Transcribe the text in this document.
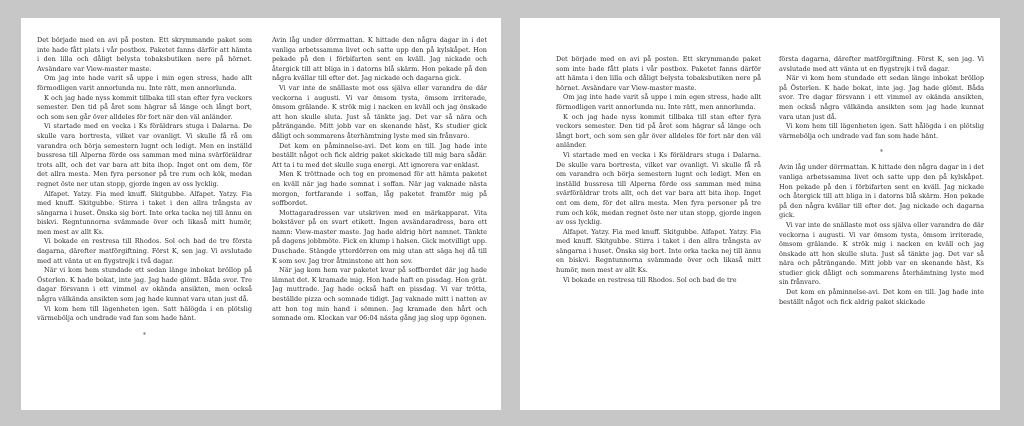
Det började med en avi på posten. Ett skrymmande paket som inte hade fått plats i vår postbox. Paketet fanns därför att hämta i den lilla och dåligt belysta tobaksbutiken nere på hörnet. Avsändare var View-master maste.

Om jag inte hade varit så uppe i min egen stress, hade allt förmodligen varit annorlunda nu. Inte rätt, men annorlunda.

K och jag hade nyss kommit tillbaka till stan efter fyra veckors semester. Den tid på året som hägrar så länge och långt bort, och som sen går över alldeles för fort när den väl anländer.

Vi startade med en vecka i Ks föräldrars stuga i Dalarna. De skulle vara bortresta, vilket var ovanligt. Vi skulle få rå om varandra och börja semestern lugnt och ledigt. Men en inställd bussresa till Alperna förde oss samman med mina svärföräldrar trots allt, och det var bara att bita ihop. Inget ont om dem, för det allra mesta. Men fyra personer på tre rum och kök, medan regnet öste ner utan stopp, gjorde ingen av oss lycklig.

Alfapet. Yatzy. Fia med knuff. Skitgubbe. Alfapet. Yatzy. Fia med knuff. Skitgubbe. Stirra i taket i den allra trångsta av sängarna i huset. Önska sig bort. Inte orka tacka nej till ännu en biskvi. Regntunnorna svämmade över och likaså mitt humör, men mest av allt Ks.

Vi bokade en restresa till Rhodos. Sol och bad de tre första dagarna, därefter matförgiftning. Först K, sen jag. Vi avslutade med att vänta ut en flygstrejk i två dagar.

När vi kom hem stundade ett sedan länge inbokat bröllop på Österlen. K hade bokat, inte jag. Jag hade glömt. Båda svor. Tre dagar försvann i ett vimmel av okända ansikten, men också några välkända ansikten som jag hade kunnat vara utan just då.

Vi kom hem till lägenheten igen. Satt hälögda i en plötslig värmebölja och undrade vad fan som hade hänt.

*

Avin låg under dörrmattan. K hittade den några dagar in i det vanliga arbetssamma livet och satte upp den på kylskåpet. Hon pekade på den i förbifarten sent en kväll. Jag nickade och återgick till att bliga in i datorns blå skärm. Hon pekade på den några kvällar till efter det. Jag nickade och dagarna gick.

Vi var inte de snällaste mot oss själva eller varandra de där veckorna i augusti. Vi var ömsom tysta, ömsom irriterade, ömsom grälande. K strök mig i nacken en kväll och jag önskade att hon skulle sluta. Just så tänkte jag. Det var så nära och påträngande. Mitt jobb var en skenande häst, Ks studier gick dåligt och sommarens återhämtning lyste med sin frånvaro.

Det kom en påminnelse-avi. Det kom en till. Jag hade inte beställt något och fick aldrig paket skickade till mig bara sådär. Att ta i tu med det skulle suga energi. Att ignorera var enklast.

Men K tröttnade och tog en promenad för att hämta paketet en kväll när jag hade somnat i soffan. När jag vaknade nästa morgon, fortfarande i soffan, låg paketet framför mig på soffbordet.

Mottagaradressen var utskriven med en märkapparat. Vita bokstäver på en svart etikett. Ingen avsändaradress, bara ett namn: View-master maste. Jag hade aldrig hört namnet. Tänkte på dagens jobbmöte. Fick en klump i halsen. Gick motvilligt upp. Duschade. Stängde ytterdörren om mig utan att säga hej då till K som sov. Jag tror åtminstone att hon sov.

När jag kom hem var paketet kvar på soffbordet där jag hade lämnat det. K kramade mig. Hon hade haft en pissdag. Hon grät. Jag muttrade. Jag hade också haft en pissdag. Vi var trötta, beställde pizza och somnade tidigt. Jag vaknade mitt i natten av att hon tog min hand i sömnen. Jag kramade den hårt och somnade om. Klockan var 06:04 nästa gång jag slog upp ögonen.

Det började med en avi på posten. Ett skrymmande paket som inte hade fått plats i vår postbox. Paketet fanns därför att hämta i den lilla och dåligt belysta tobaksbutiken nere på hörnet. Avsändare var View-master maste.

Om jag inte hade varit så uppe i min egen stress, hade allt förmodligen varit annorlunda nu. Inte rätt, men annorlunda.

K och jag hade nyss kommit tillbaka till stan efter fyra veckors semester. Den tid på året som hägrar så länge och långt bort, och som sen går över alldeles för fort när den väl anländer.

Vi startade med en vecka i Ks föräldrars stuga i Dalarna. De skulle vara bortresta, vilket var ovanligt. Vi skulle få rå om varandra och börja semestern lugnt och ledigt. Men en inställd bussresa till Alperna förde oss samman med mina svärföräldrar trots allt, och det var bara att bita ihop. Inget ont om dem, för det allra mesta. Men fyra personer på tre rum och kök, medan regnet öste ner utan stopp, gjorde ingen av oss lycklig.

Alfapet. Yatzy. Fia med knuff. Skitgubbe. Alfapet. Yatzy. Fia med knuff. Skitgubbe. Stirra i taket i den allra trångsta av sängarna i huset. Önska sig bort. Inte orka tacka nej till ännu en biskvi. Regntunnorna svämmade över och likaså mitt humör, men mest av allt Ks.

Vi bokade en restresa till Rhodos. Sol och bad de tre

första dagarna, därefter matförgiftning. Först K, sen jag. Vi avslutade med att vänta ut en flygstrejk i två dagar.

När vi kom hem stundade ett sedan länge inbokat bröllop på Österlen. K hade bokat, inte jag. Jag hade glömt. Båda svor. Tre dagar försvann i ett vimmel av okända ansikten, men också några välkända ansikten som jag hade kunnat vara utan just då.

Vi kom hem till lägenheten igen. Satt hålögda i en plötslig värmebölja och undrade vad fan som hade hänt.

*

Avin låg under dörrmattan. K hittade den några dagar in i det vanliga arbetssamma livet och satte upp den på kylskåpet. Hon pekade på den i förbifarten sent en kväll. Jag nickade och återgick till att bliga in i datorns blå skärm. Hon pekade på den några kvällar till efter det. Jag nickade och dagarna gick.

Vi var inte de snällaste mot oss själva eller varandra de där veckorna i augusti. Vi var ömsom tysta, ömsom irriterade, ömsom grälande. K strök mig i nacken en kväll och jag önskade att hon skulle sluta. Just så tänkte jag. Det var så nära och påträngande. Mitt jobb var en skenande häst, Ks studier gick dåligt och sommarens återhämtning lyste med sin frånvaro.

Det kom en påminnelse-avi. Det kom en till. Jag hade inte beställt något och fick aldrig paket skickade
